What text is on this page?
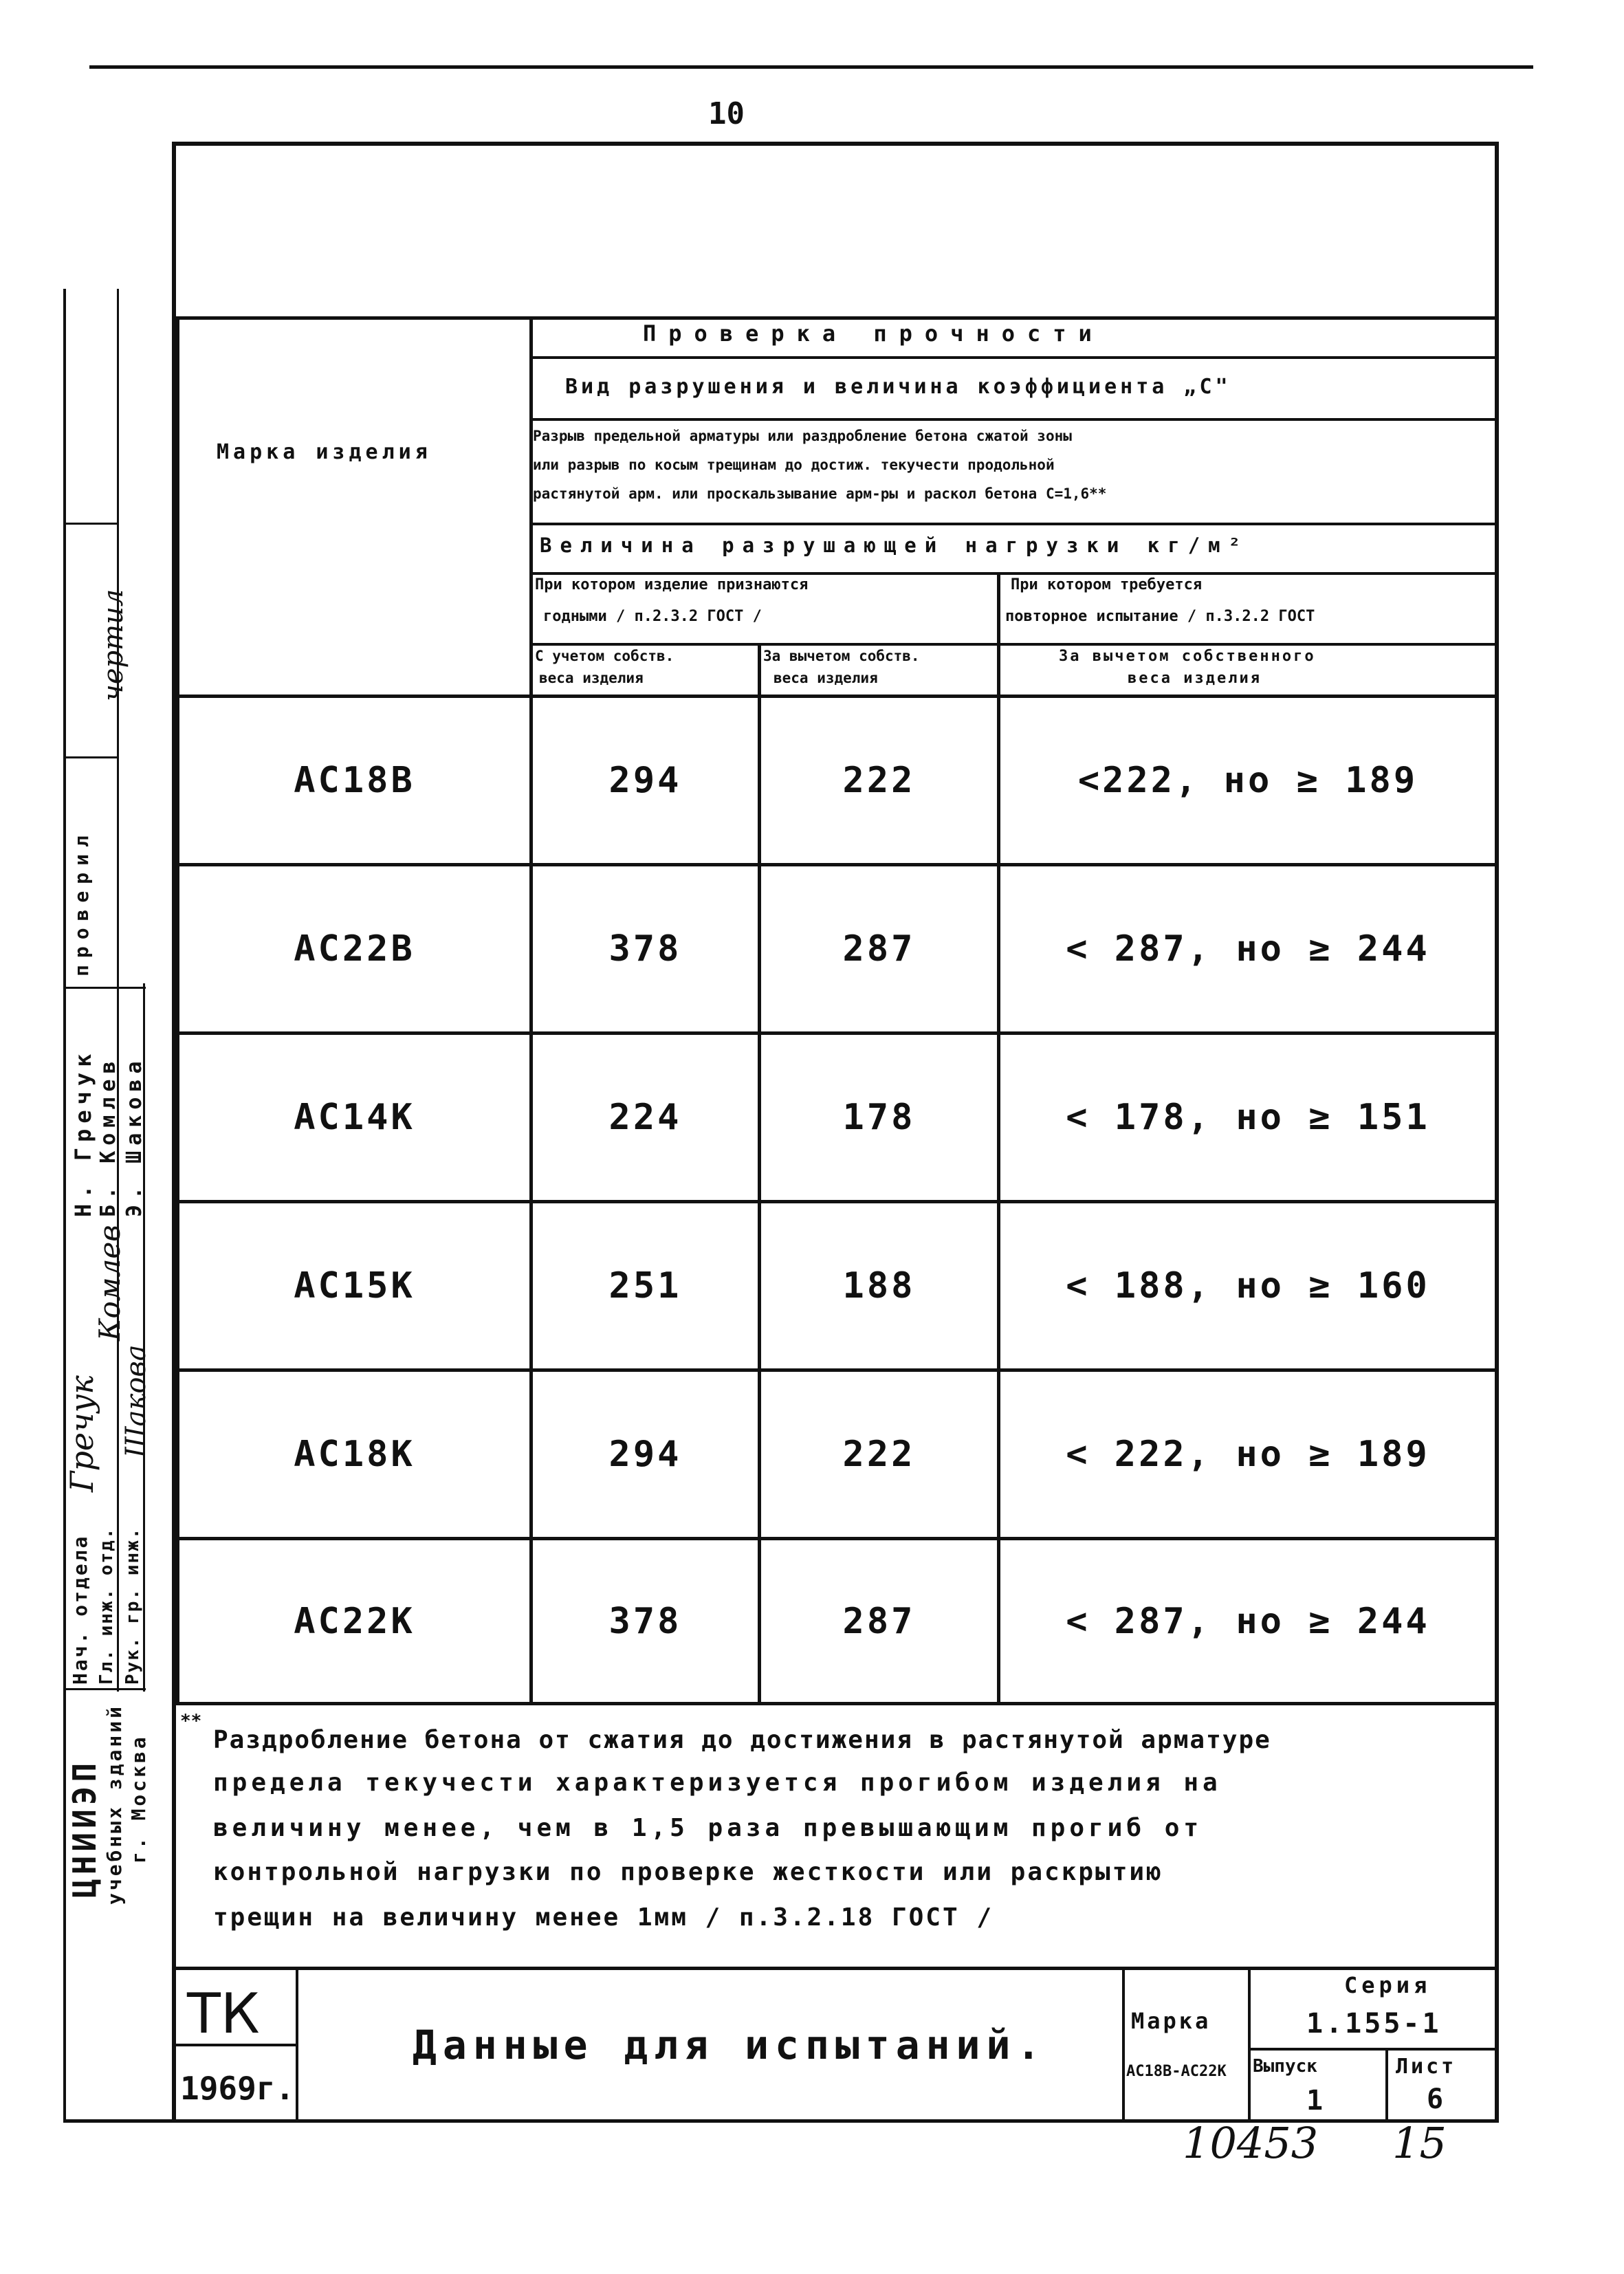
10
Марка изделия
Проверка прочности
Вид разрушения и величина коэффициента „С"
Разрыв предельной арматуры или раздробление бетона сжатой зоны
или разрыв по косым трещинам до достиж. текучести продольной
растянутой арм. или проскальзывание арм-ры и раскол бетона С=1,6**
Величина разрушающей нагрузки кг/м²
При котором изделие признаются
годными / п.2.3.2 ГОСТ /
При котором требуется
повторное испытание / п.3.2.2 ГОСТ
С учетом собств.
веса изделия
За вычетом собств.
веса изделия
За вычетом собственного
веса изделия
АС18В	294	222	<222, но ≥ 189
АС22В	378	287	< 287, но ≥ 244
АС14К	224	178	< 178, но ≥ 151
АС15К	251	188	< 188, но ≥ 160
АС18К	294	222	< 222, но ≥ 189
АС22К	378	287	< 287, но ≥ 244
**
Раздробление бетона от сжатия до достижения в растянутой арматуре
предела текучести характеризуется прогибом изделия на
величину менее, чем в 1,5 раза превышающим прогиб от
контрольной нагрузки по проверке жесткости или раскрытию
трещин на величину менее 1мм / п.3.2.18 ГОСТ /
ТК
1969г.
Данные для испытаний.
Марка
АС18В-АС22К
Серия
1.155-1
Выпуск
1
Лист
6
10453 15
Нач. отдела Гл. инж. отд. Рук. гр. инж.
Гречук
Комлев
Шакова
Н. Гречук Б. Комлев Э. Шакова
проверил
чертил
ЦНИИЭП учебных зданий г. Москва
